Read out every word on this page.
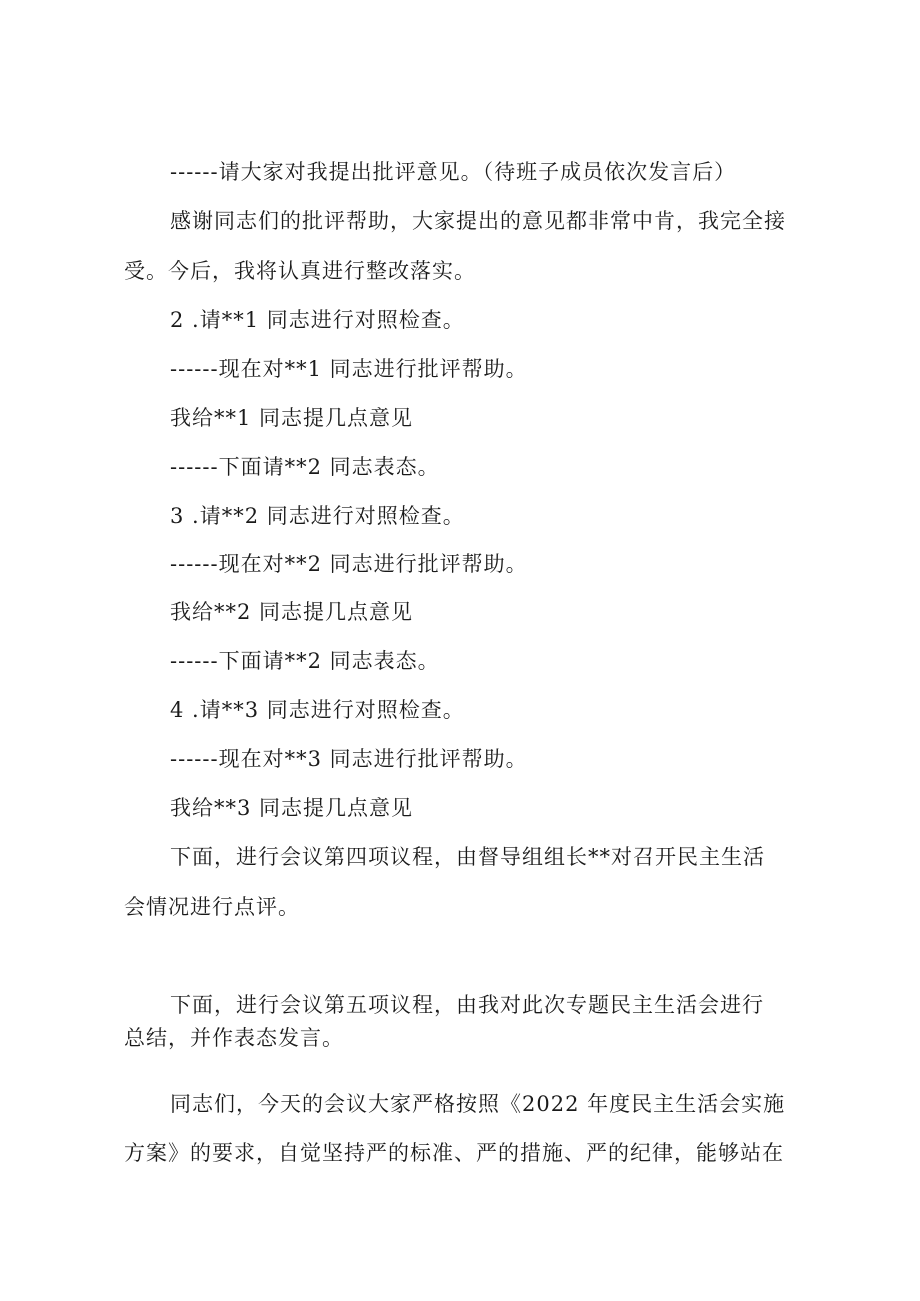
------请大家对我提出批评意见。（待班子成员依次发言后）
感谢同志们的批评帮助，大家提出的意见都非常中肯，我完全接
受。今后，我将认真进行整改落实。
2 .请**1 同志进行对照检查。
------现在对**1 同志进行批评帮助。
我给**1 同志提几点意见
------下面请**2 同志表态。
3 .请**2 同志进行对照检查。
------现在对**2 同志进行批评帮助。
我给**2 同志提几点意见
------下面请**2 同志表态。
4 .请**3 同志进行对照检查。
------现在对**3 同志进行批评帮助。
我给**3 同志提几点意见
下面，进行会议第四项议程，由督导组组长**对召开民主生活
会情况进行点评。
下面，进行会议第五项议程，由我对此次专题民主生活会进行
总结，并作表态发言。
同志们，今天的会议大家严格按照《2022 年度民主生活会实施
方案》的要求，自觉坚持严的标准、严的措施、严的纪律，能够站在
